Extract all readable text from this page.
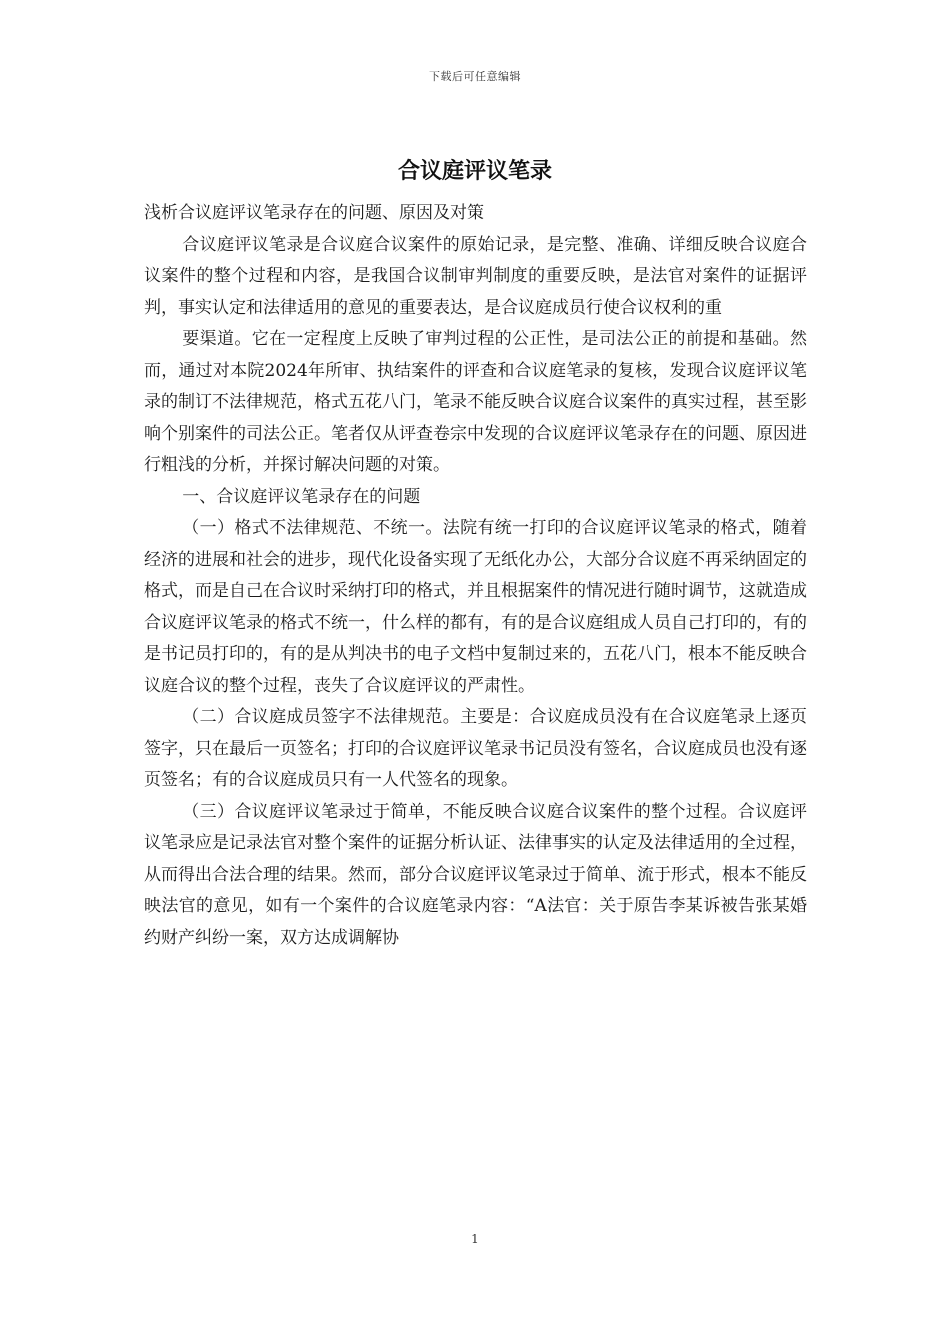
下载后可任意编辑
合议庭评议笔录

浅析合议庭评议笔录存在的问题、原因及对策

合议庭评议笔录是合议庭合议案件的原始记录，是完整、准确、详细反映合议庭合议案件的整个过程和内容，是我国合议制审判制度的重要反映，是法官对案件的证据评判，事实认定和法律适用的意见的重要表达，是合议庭成员行使合议权利的重

要渠道。它在一定程度上反映了审判过程的公正性，是司法公正的前提和基础。然而，通过对本院2024年所审、执结案件的评查和合议庭笔录的复核，发现合议庭评议笔录的制订不法律规范，格式五花八门，笔录不能反映合议庭合议案件的真实过程，甚至影响个别案件的司法公正。笔者仅从评查卷宗中发现的合议庭评议笔录存在的问题、原因进行粗浅的分析，并探讨解决问题的对策。

一、合议庭评议笔录存在的问题

（一）格式不法律规范、不统一。法院有统一打印的合议庭评议笔录的格式，随着经济的进展和社会的进步，现代化设备实现了无纸化办公，大部分合议庭不再采纳固定的格式，而是自己在合议时采纳打印的格式，并且根据案件的情况进行随时调节，这就造成合议庭评议笔录的格式不统一，什么样的都有，有的是合议庭组成人员自己打印的，有的是书记员打印的，有的是从判决书的电子文档中复制过来的，五花八门，根本不能反映合议庭合议的整个过程，丧失了合议庭评议的严肃性。

（二）合议庭成员签字不法律规范。主要是：合议庭成员没有在合议庭笔录上逐页签字，只在最后一页签名；打印的合议庭评议笔录书记员没有签名，合议庭成员也没有逐页签名；有的合议庭成员只有一人代签名的现象。

（三）合议庭评议笔录过于简单，不能反映合议庭合议案件的整个过程。合议庭评议笔录应是记录法官对整个案件的证据分析认证、法律事实的认定及法律适用的全过程，从而得出合法合理的结果。然而，部分合议庭评议笔录过于简单、流于形式，根本不能反映法官的意见，如有一个案件的合议庭笔录内容：“A法官：关于原告李某诉被告张某婚约财产纠纷一案，双方达成调解协

1
